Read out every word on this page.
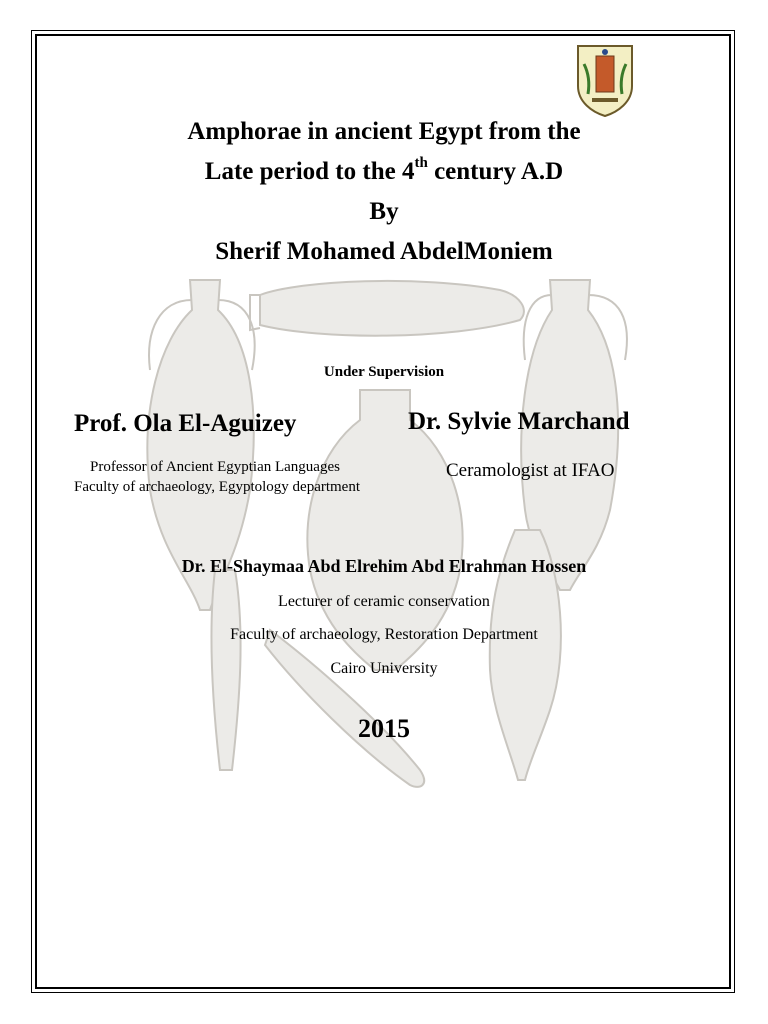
Amphorae in ancient Egypt from the
Late period to the 4th century A.D
By
Sherif Mohamed AbdelMoniem
Under Supervision
Prof. Ola El-Aguizey	Dr. Sylvie Marchand
Professor of Ancient Egyptian Languages
Faculty of archaeology, Egyptology department
Ceramologist at IFAO
Dr. El-Shaymaa Abd Elrehim Abd Elrahman Hossen
Lecturer of ceramic conservation
Faculty of archaeology, Restoration Department
Cairo University
2015
